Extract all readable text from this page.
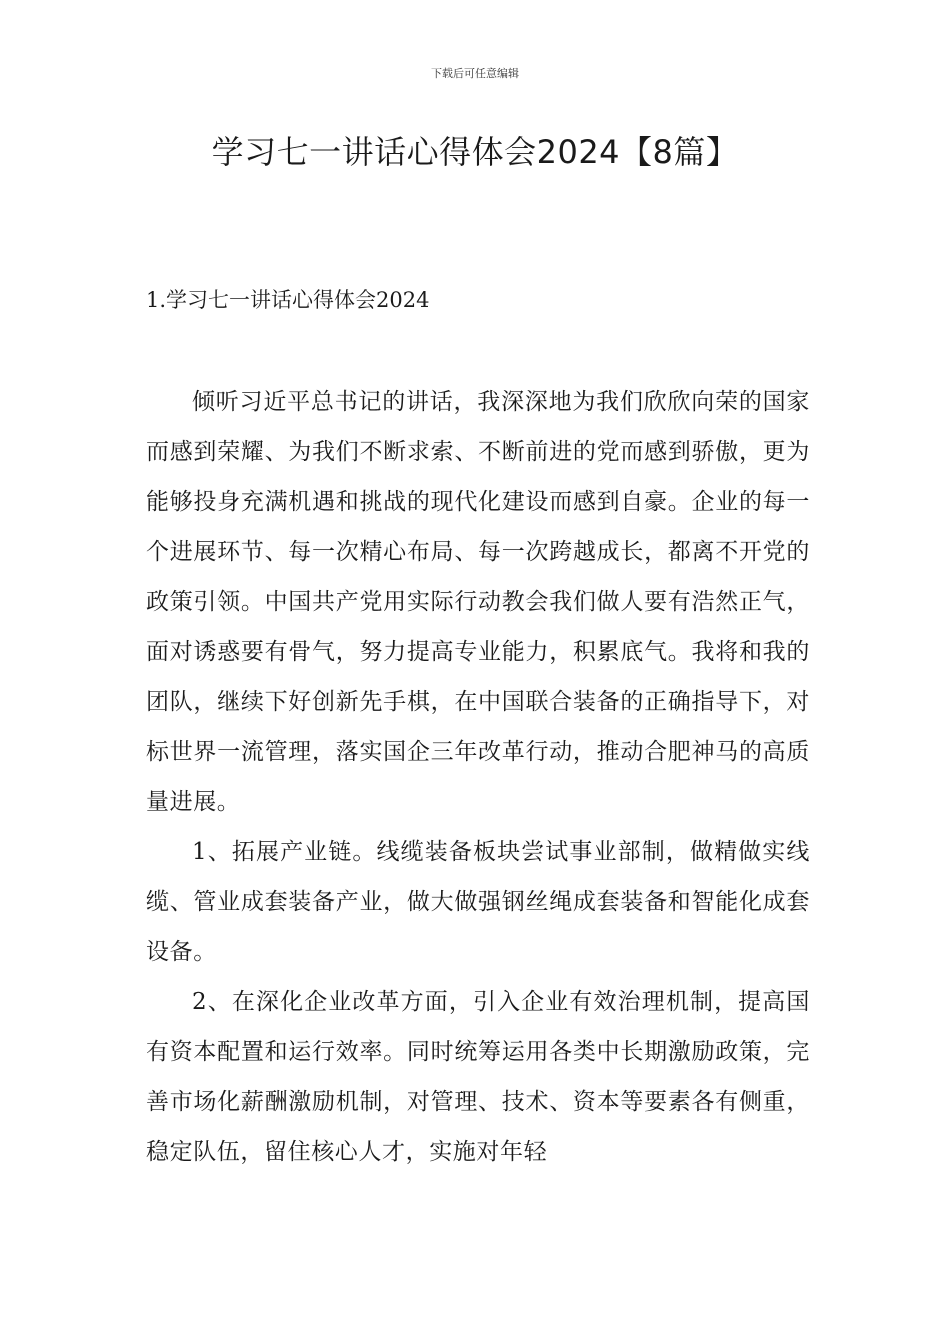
下载后可任意编辑
学习七一讲话心得体会2024【8篇】
1.学习七一讲话心得体会2024

倾听习近平总书记的讲话，我深深地为我们欣欣向荣的国家而感到荣耀、为我们不断求索、不断前进的党而感到骄傲，更为能够投身充满机遇和挑战的现代化建设而感到自豪。企业的每一个进展环节、每一次精心布局、每一次跨越成长，都离不开党的政策引领。中国共产党用实际行动教会我们做人要有浩然正气，面对诱惑要有骨气，努力提高专业能力，积累底气。我将和我的团队，继续下好创新先手棋，在中国联合装备的正确指导下，对标世界一流管理，落实国企三年改革行动，推动合肥神马的高质量进展。

1、拓展产业链。线缆装备板块尝试事业部制，做精做实线缆、管业成套装备产业，做大做强钢丝绳成套装备和智能化成套设备。

2、在深化企业改革方面，引入企业有效治理机制，提高国有资本配置和运行效率。同时统筹运用各类中长期激励政策，完善市场化薪酬激励机制，对管理、技术、资本等要素各有侧重，稳定队伍，留住核心人才，实施对年轻
